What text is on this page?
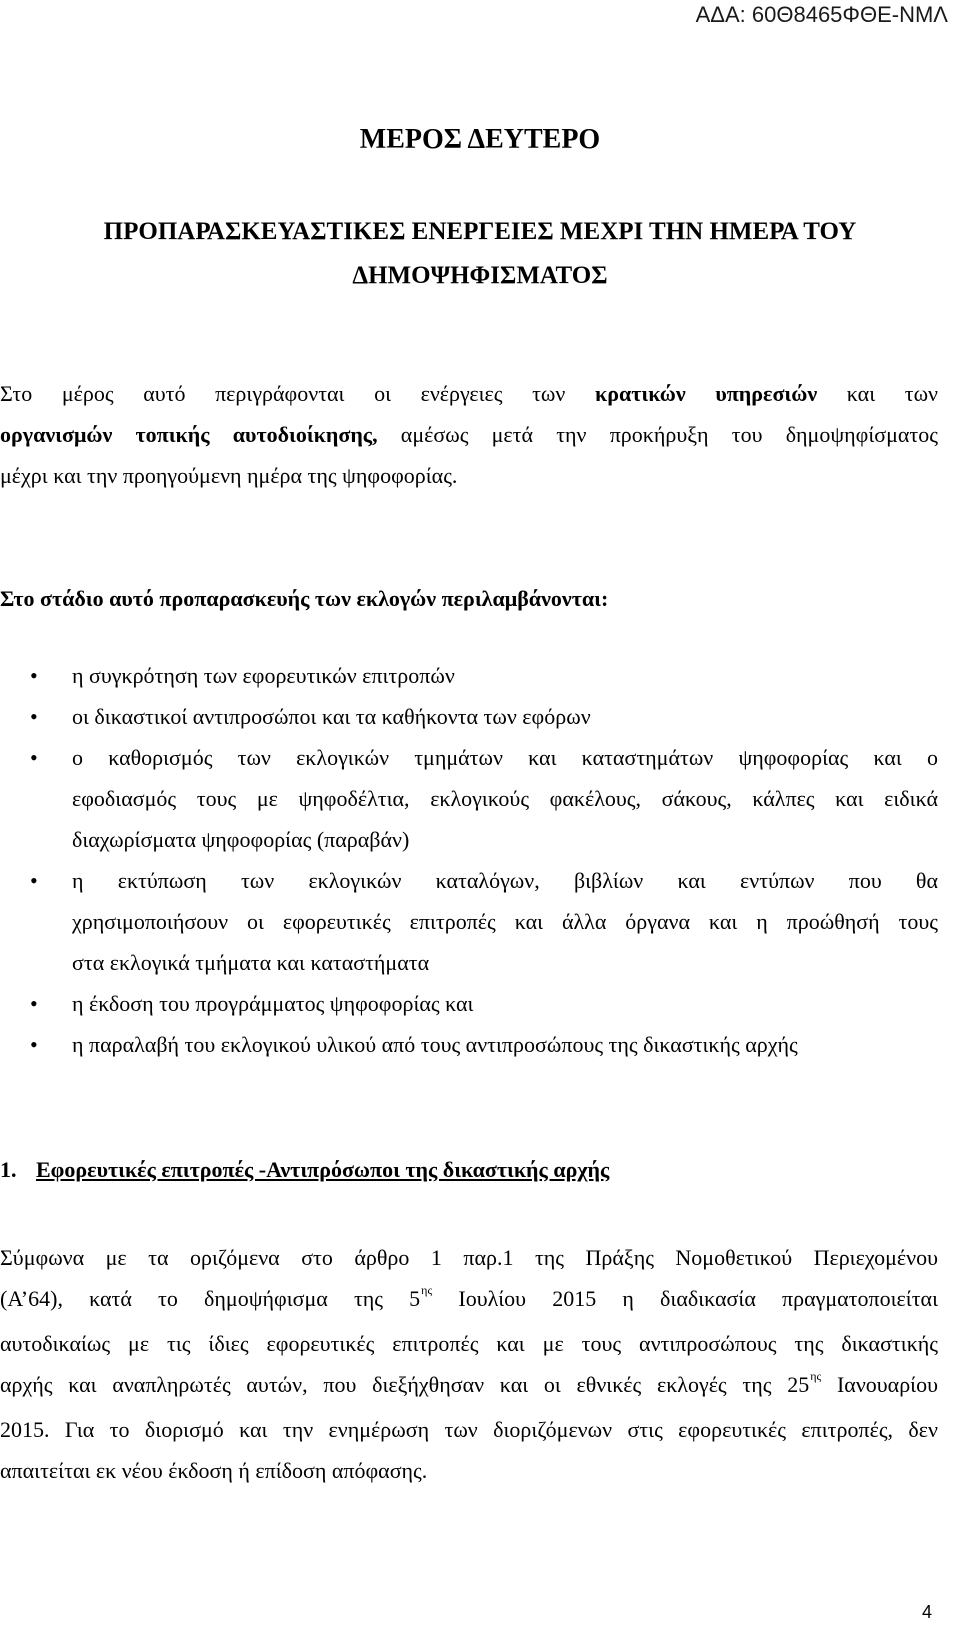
ΑΔΑ: 60Θ8465ΦΘΕ-ΝΜΛ
ΜΕΡΟΣ ΔΕΥΤΕΡΟ
ΠΡΟΠΑΡΑΣΚΕΥΑΣΤΙΚΕΣ ΕΝΕΡΓΕΙΕΣ ΜΕΧΡΙ ΤΗΝ ΗΜΕΡΑ ΤΟΥ
ΔΗΜΟΨΗΦΙΣΜΑΤΟΣ
Στο μέρος αυτό περιγράφονται οι ενέργειες των κρατικών υπηρεσιών και των
οργανισμών τοπικής αυτοδιοίκησης, αμέσως μετά την προκήρυξη του δημοψηφίσματος
μέχρι και την προηγούμενη ημέρα της ψηφοφορίας.
Στο στάδιο αυτό προπαρασκευής των εκλογών περιλαμβάνονται:
• η συγκρότηση των εφορευτικών επιτροπών
• οι δικαστικοί αντιπροσώποι και τα καθήκοντα των εφόρων
• ο καθορισμός των εκλογικών τμημάτων και καταστημάτων ψηφοφορίας και ο
εφοδιασμός τους με ψηφοδέλτια, εκλογικούς φακέλους, σάκους, κάλπες και ειδικά
διαχωρίσματα ψηφοφορίας (παραβάν)
• η εκτύπωση των εκλογικών καταλόγων, βιβλίων και εντύπων που θα
χρησιμοποιήσουν οι εφορευτικές επιτροπές και άλλα όργανα και η προώθησή τους
στα εκλογικά τμήματα και καταστήματα
• η έκδοση του προγράμματος ψηφοφορίας και
• η παραλαβή του εκλογικού υλικού από τους αντιπροσώπους της δικαστικής αρχής
1. Εφορευτικές επιτροπές -Αντιπρόσωποι της δικαστικής αρχής
Σύμφωνα με τα οριζόμενα στο άρθρο 1 παρ.1 της Πράξης Νομοθετικού Περιεχομένου
(Α’64), κατά το δημοψήφισμα της $5^{\eta\varsigma}$ Ιουλίου 2015 η διαδικασία πραγματοποιείται
αυτοδικαίως με τις ίδιες εφορευτικές επιτροπές και με τους αντιπροσώπους της δικαστικής
αρχής και αναπληρωτές αυτών, που διεξήχθησαν και οι εθνικές εκλογές της $25^{\eta\varsigma}$ Ιανουαρίου
2015. Για το διορισμό και την ενημέρωση των διοριζόμενων στις εφορευτικές επιτροπές, δεν
απαιτείται εκ νέου έκδοση ή επίδοση απόφασης.
4
